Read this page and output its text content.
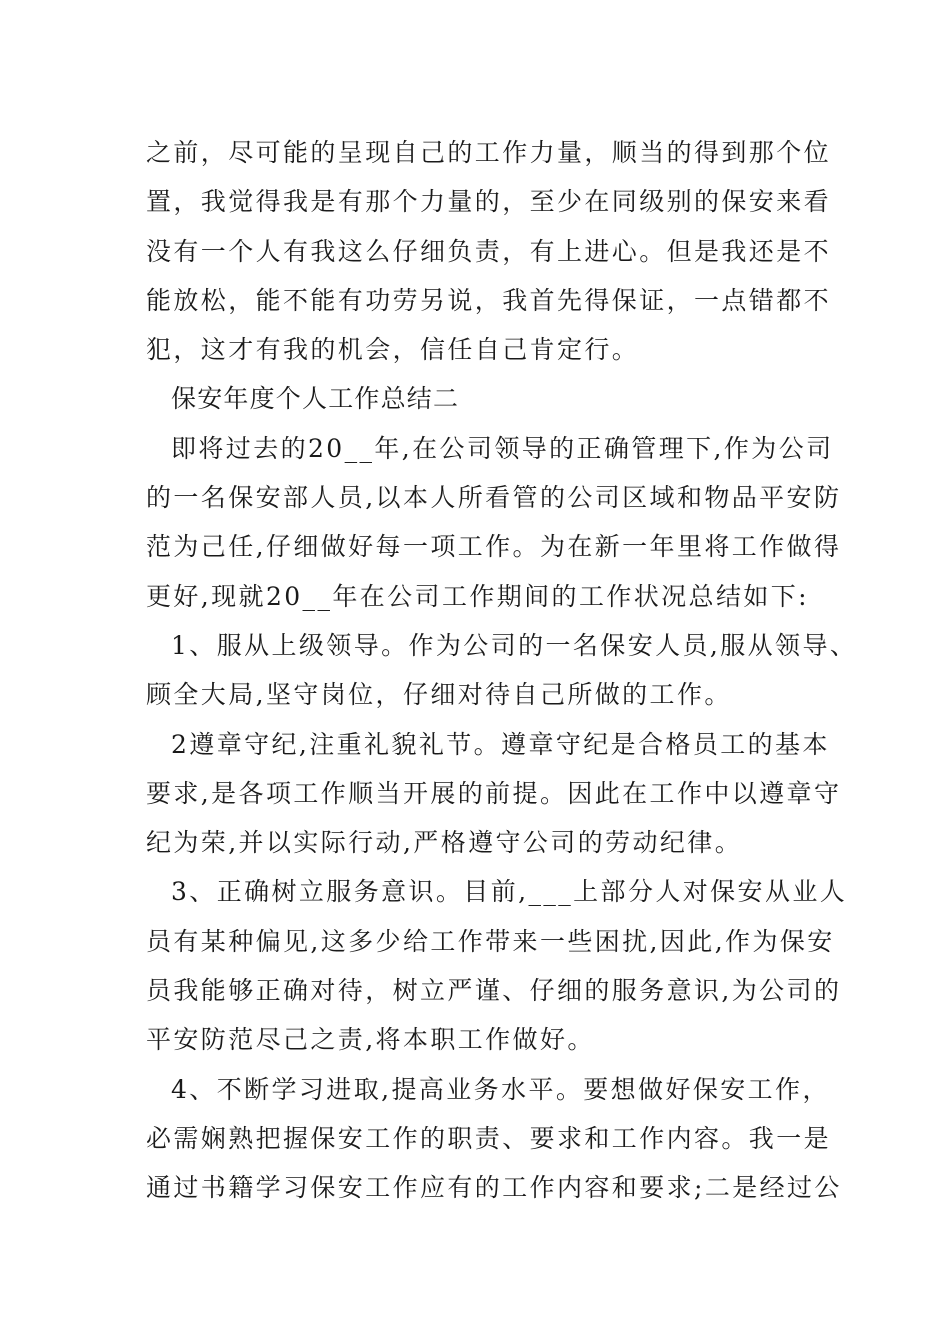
之前，尽可能的呈现自己的工作力量，顺当的得到那个位
置，我觉得我是有那个力量的，至少在同级别的保安来看
没有一个人有我这么仔细负责，有上进心。但是我还是不
能放松，能不能有功劳另说，我首先得保证，一点错都不
犯，这才有我的机会，信任自己肯定行。
保安年度个人工作总结二
即将过去的20__年,在公司领导的正确管理下,作为公司
的一名保安部人员,以本人所看管的公司区域和物品平安防
范为己任,仔细做好每一项工作。为在新一年里将工作做得
更好,现就20__年在公司工作期间的工作状况总结如下:
1、服从上级领导。作为公司的一名保安人员,服从领导、
顾全大局,坚守岗位，仔细对待自己所做的工作。
2遵章守纪,注重礼貌礼节。遵章守纪是合格员工的基本
要求,是各项工作顺当开展的前提。因此在工作中以遵章守
纪为荣,并以实际行动,严格遵守公司的劳动纪律。
3、正确树立服务意识。目前,___上部分人对保安从业人
员有某种偏见,这多少给工作带来一些困扰,因此,作为保安
员我能够正确对待，树立严谨、仔细的服务意识,为公司的
平安防范尽己之责,将本职工作做好。
4、不断学习进取,提高业务水平。要想做好保安工作，
必需娴熟把握保安工作的职责、要求和工作内容。我一是
通过书籍学习保安工作应有的工作内容和要求;二是经过公
